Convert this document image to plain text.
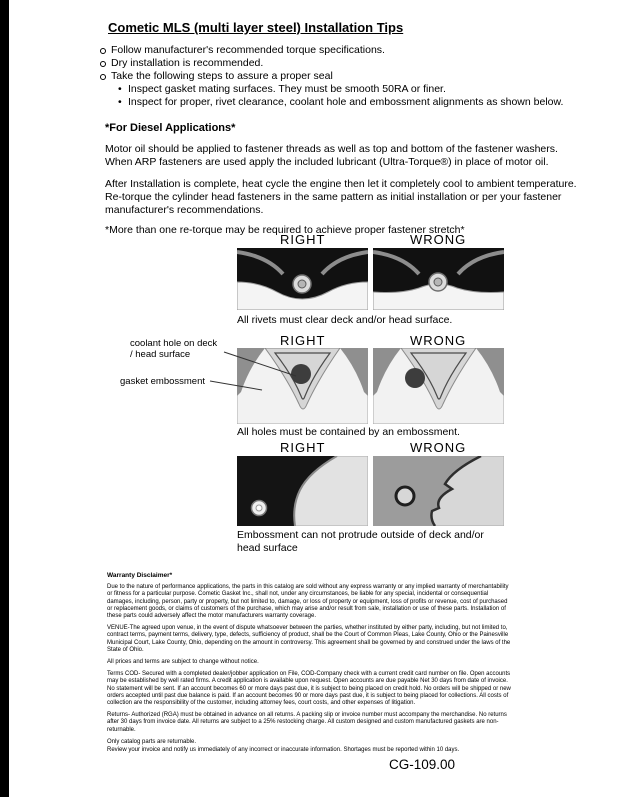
Cometic MLS (multi layer steel) Installation Tips
Follow manufacturer's recommended torque specifications.
Dry installation is recommended.
Take the following steps to assure a proper seal
• Inspect gasket mating surfaces. They must be smooth 50RA or finer.
• Inspect for proper, rivet clearance, coolant hole and embossment alignments as shown below.
*For Diesel Applications*

Motor oil should be applied to fastener threads as well as top and bottom of the fastener washers. When ARP fasteners are used apply the included lubricant (Ultra-Torque®) in place of motor oil.

After Installation is complete, heat cycle the engine then let it completely cool to ambient temperature. Re-torque the cylinder head fasteners in the same pattern as initial installation or per your fastener manufacturer's recommendations.

*More than one re-torque may be required to achieve proper fastener stretch*

RIGHT	WRONG
All rivets must clear deck and/or head surface.
RIGHT	WRONG
coolant hole on deck / head surface
gasket embossment
All holes must be contained by an embossment.
RIGHT	WRONG
Embossment can not protrude outside of deck and/or head surface
Warranty Disclaimer*

Due to the nature of performance applications, the parts in this catalog are sold without any express warranty or any implied warranty of merchantability or fitness for a particular purpose. Cometic Gasket Inc., shall not, under any circumstances, be liable for any special, incidental or consequential damages, including, person, party or property, but not limited to, damage, or loss of property or equipment, loss of profits or revenue, cost of purchased or replacement goods, or claims of customers of the purchase, which may arise and/or result from sale, installation or use of these parts. Installation of these parts could adversely affect the motor manufacturers warranty coverage.

VENUE-The agreed upon venue, in the event of dispute whatsoever between the parties, whether instituted by either party, including, but not limited to, contract terms, payment terms, delivery, type, defects, sufficiency of product, shall be the Court of Common Pleas, Lake County, Ohio or the Painesville Municipal Court, Lake County, Ohio, depending on the amount in controversy. This agreement shall be governed by and construed under the laws of the State of Ohio.

All prices and terms are subject to change without notice.

Terms COD- Secured with a completed dealer/jobber application on File, COD-Company check with a current credit card number on file. Open accounts may be established by well rated firms. A credit application is available upon request. Open accounts are due payable Net 30 days from date of invoice. No statement will be sent. If an account becomes 60 or more days past due, it is subject to being placed on credit hold. No orders will be shipped or new orders accepted until past due balance is paid. If an account becomes 90 or more days past due, it is subject to being placed for collections. All costs of collection are the responsibility of the customer, including attorney fees, court costs, and other expenses of litigation.

Returns- Authorized (RGA) must be obtained in advance on all returns. A packing slip or invoice number must accompany the merchandise. No returns after 30 days from invoice date. All returns are subject to a 25% restocking charge. All custom designed and custom manufactured gaskets are non-returnable.

Only catalog parts are returnable.

Review your invoice and notify us immediately of any incorrect or inaccurate information. Shortages must be reported within 10 days.

CG-109.00
